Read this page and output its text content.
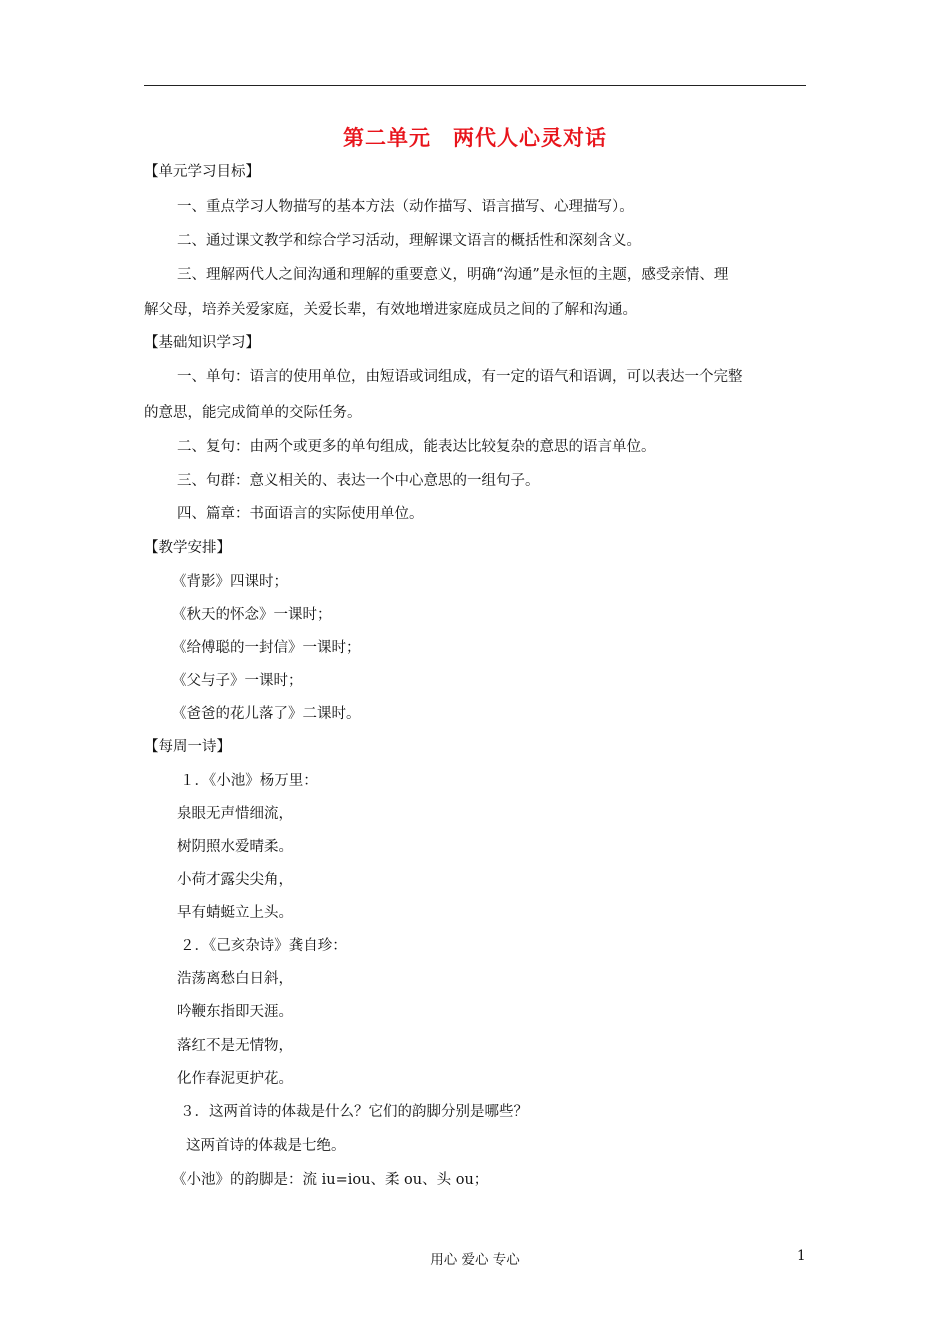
第二单元 两代人心灵对话
【单元学习目标】
一、重点学习人物描写的基本方法（动作描写、语言描写、心理描写）。
二、通过课文教学和综合学习活动，理解课文语言的概括性和深刻含义。
三、理解两代人之间沟通和理解的重要意义，明确“沟通”是永恒的主题，感受亲情、理
解父母，培养关爱家庭，关爱长辈，有效地增进家庭成员之间的了解和沟通。
【基础知识学习】
一、单句：语言的使用单位，由短语或词组成，有一定的语气和语调，可以表达一个完整
的意思，能完成简单的交际任务。
二、复句：由两个或更多的单句组成，能表达比较复杂的意思的语言单位。
三、句群：意义相关的、表达一个中心意思的一组句子。
四、篇章：书面语言的实际使用单位。
【教学安排】
《背影》四课时；
《秋天的怀念》一课时；
《给傅聪的一封信》一课时；
《父与子》一课时；
《爸爸的花儿落了》二课时。
【每周一诗】
１．《小池》杨万里：
泉眼无声惜细流，
树阴照水爱晴柔。
小荷才露尖尖角，
早有蜻蜓立上头。
２．《己亥杂诗》龚自珍：
浩荡离愁白日斜，
吟鞭东指即天涯。
落红不是无情物，
化作春泥更护花。
３．这两首诗的体裁是什么？它们的韵脚分别是哪些？
这两首诗的体裁是七绝。
《小池》的韵脚是：流 iu=iou、柔 ou、头 ou；
用心 爱心 专心	1
